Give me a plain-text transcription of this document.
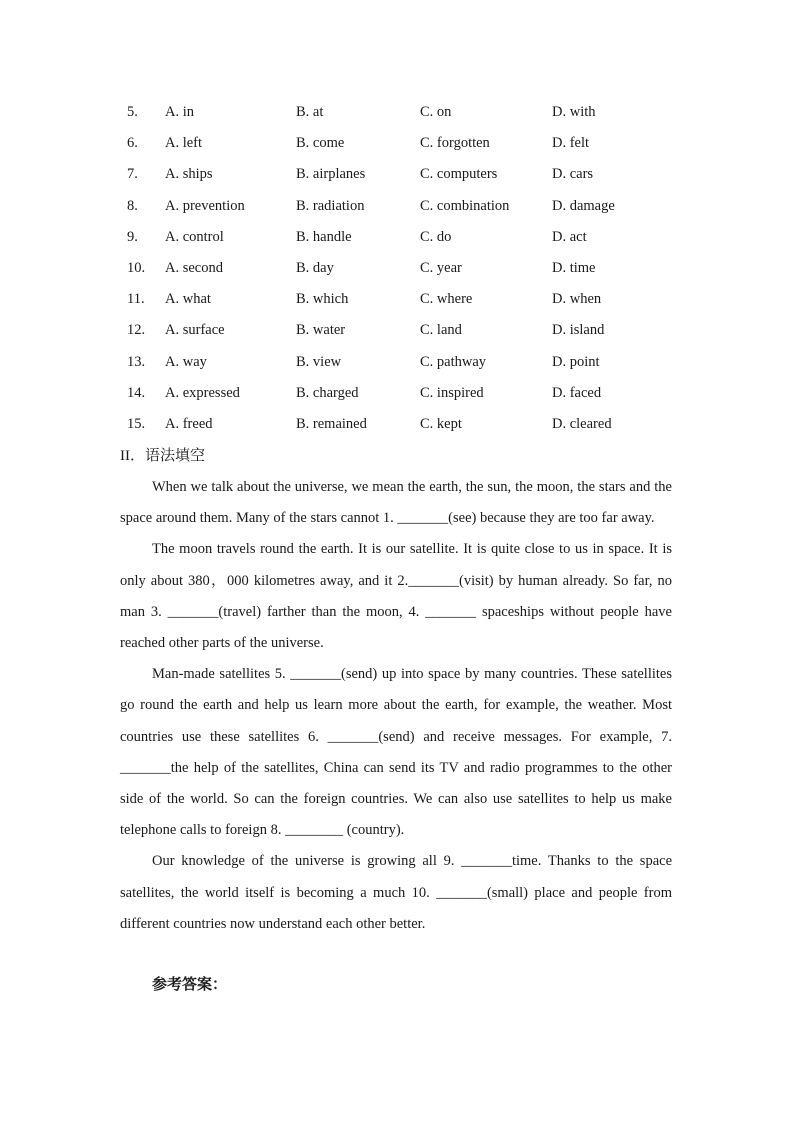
5. A. in	B. at	C. on	D. with
6. A. left	B. come	C. forgotten	D. felt
7. A. ships	B. airplanes	C. computers	D. cars
8. A. prevention	B. radiation	C. combination	D. damage
9. A. control	B. handle	C. do	D. act
10. A. second	B. day	C. year	D. time
11. A. what	B. which	C. where	D. when
12. A. surface	B. water	C. land	D. island
13. A. way	B. view	C. pathway	D. point
14. A. expressed	B. charged	C. inspired	D. faced
15. A. freed	B. remained	C. kept	D. cleared
II．语法填空

When we talk about the universe, we mean the earth, the sun, the moon, the stars and the space around them. Many of the stars cannot 1. _______(see) because they are too far away.

The moon travels round the earth. It is our satellite. It is quite close to us in space. It is only about 380，000 kilometres away, and it 2._______(visit) by human already. So far, no man 3. _______(travel) farther than the moon, 4. _______ spaceships without people have reached other parts of the universe.

Man-made satellites 5. _______(send) up into space by many countries. These satellites go round the earth and help us learn more about the earth, for example, the weather. Most countries use these satellites 6. _______(send) and receive messages. For example, 7. _______the help of the satellites, China can send its TV and radio programmes to the other side of the world. So can the foreign countries. We can also use satellites to help us make telephone calls to foreign 8. ________ (country).

Our knowledge of the universe is growing all 9. _______time. Thanks to the space satellites, the world itself is becoming a much 10. _______(small) place and people from different countries now understand each other better.

参考答案：
